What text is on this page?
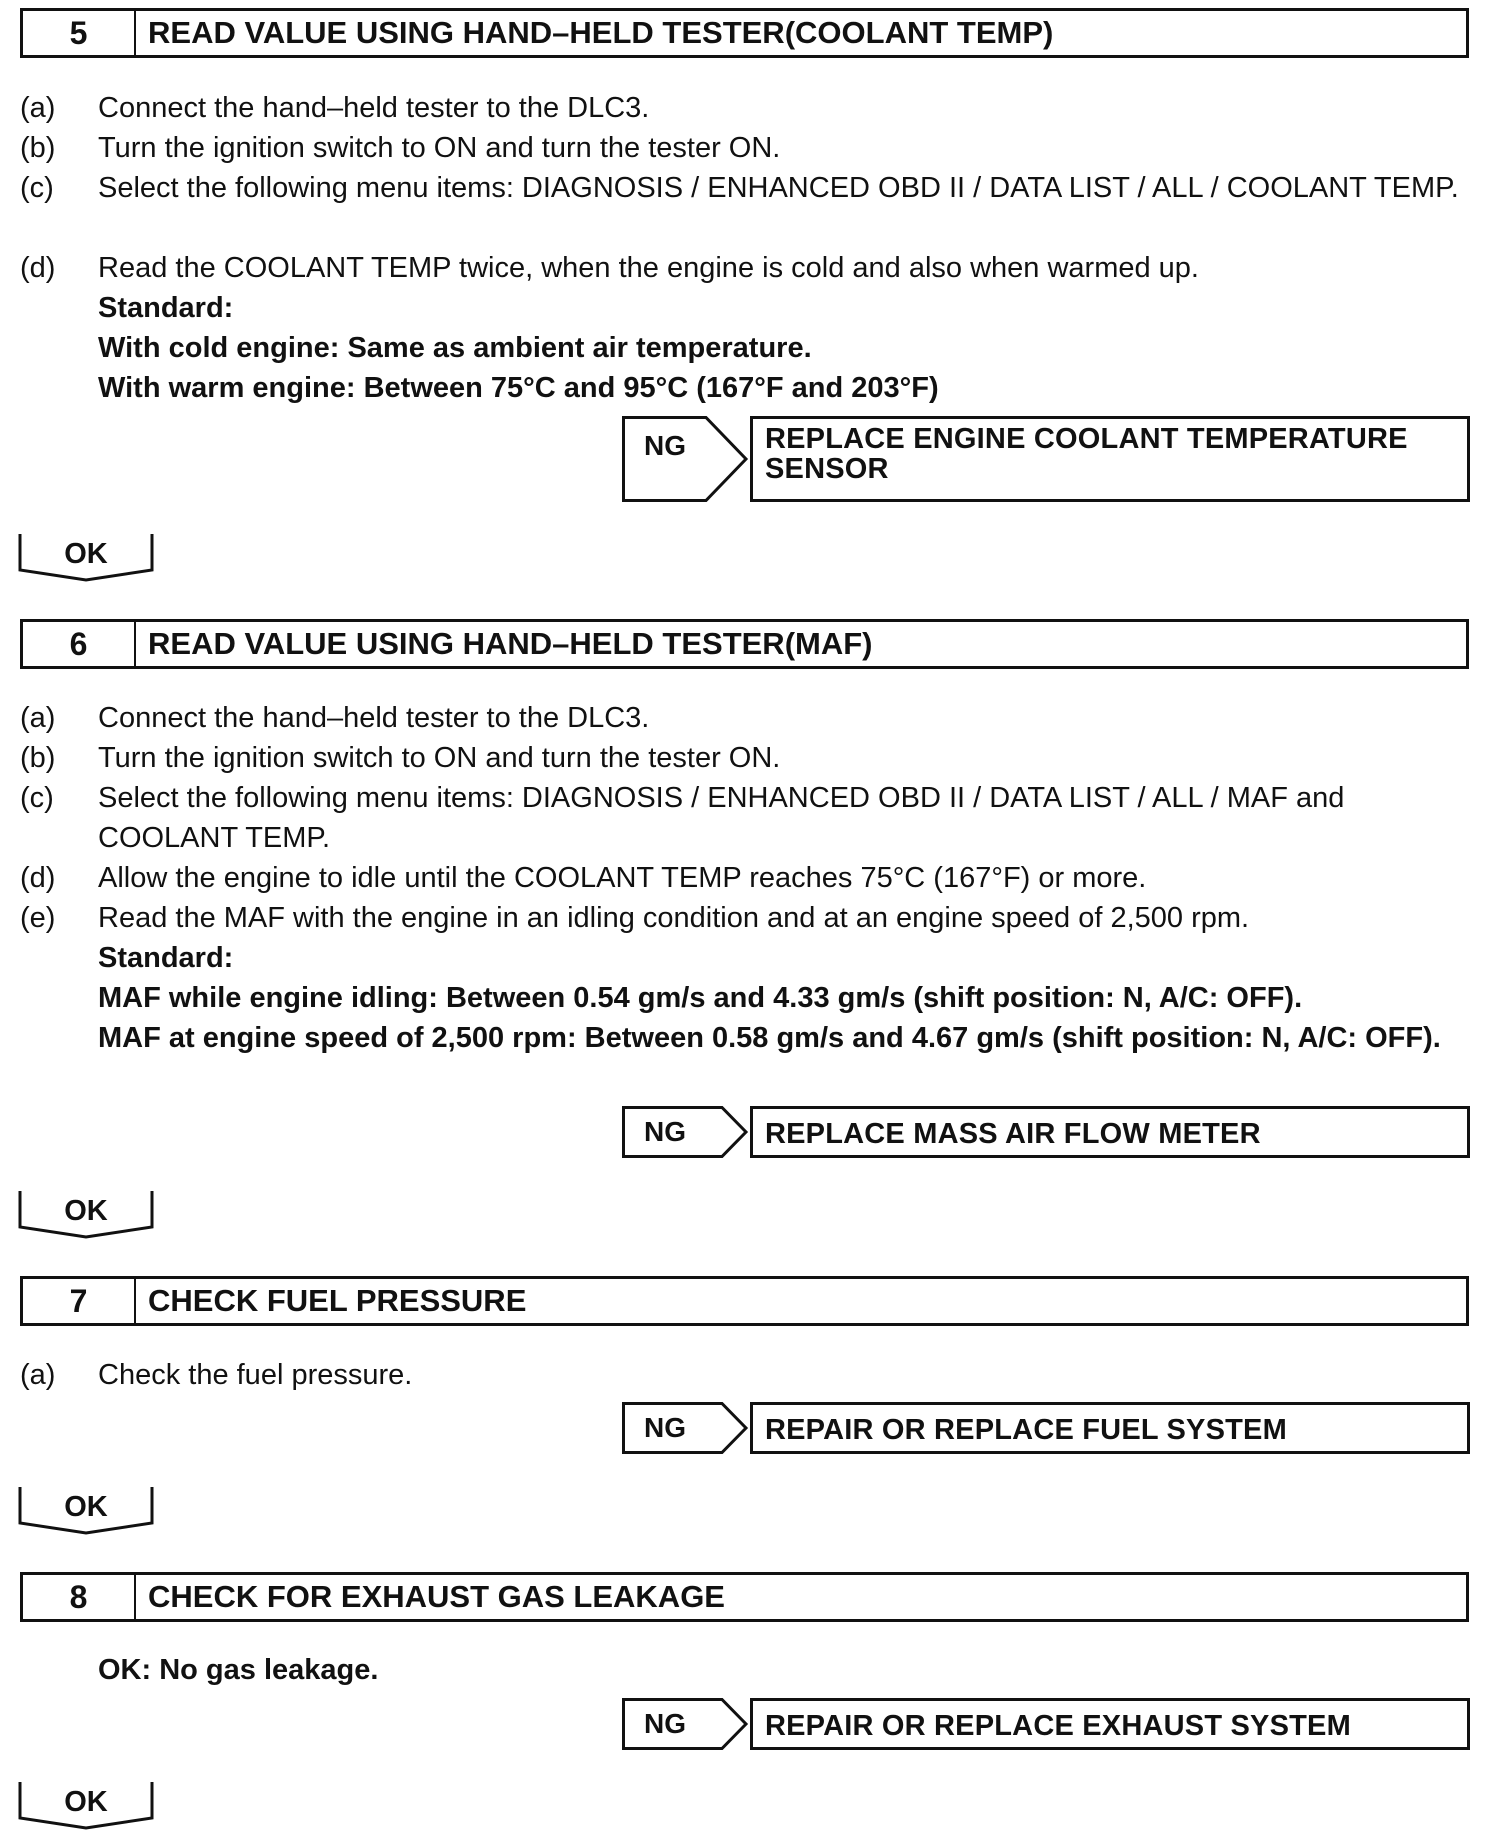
5	READ VALUE USING HAND–HELD TESTER(COOLANT TEMP)
(a) Connect the hand–held tester to the DLC3.
(b) Turn the ignition switch to ON and turn the tester ON.
(c) Select the following menu items: DIAGNOSIS / ENHANCED OBD II / DATA LIST / ALL / COOLANT TEMP.
(d) Read the COOLANT TEMP twice, when the engine is cold and also when warmed up.
Standard:
With cold engine: Same as ambient air temperature.
With warm engine: Between 75°C and 95°C (167°F and 203°F)
NG	REPLACE ENGINE COOLANT TEMPERATURE SENSOR
OK
6	READ VALUE USING HAND–HELD TESTER(MAF)
(a) Connect the hand–held tester to the DLC3.
(b) Turn the ignition switch to ON and turn the tester ON.
(c) Select the following menu items: DIAGNOSIS / ENHANCED OBD II / DATA LIST / ALL / MAF and COOLANT TEMP.
(d) Allow the engine to idle until the COOLANT TEMP reaches 75°C (167°F) or more.
(e) Read the MAF with the engine in an idling condition and at an engine speed of 2,500 rpm.
Standard:
MAF while engine idling: Between 0.54 gm/s and 4.33 gm/s (shift position: N, A/C: OFF).
MAF at engine speed of 2,500 rpm: Between 0.58 gm/s and 4.67 gm/s (shift position: N, A/C: OFF).
NG	REPLACE MASS AIR FLOW METER
OK
7	CHECK FUEL PRESSURE
(a) Check the fuel pressure.
NG	REPAIR OR REPLACE FUEL SYSTEM
OK
8	CHECK FOR EXHAUST GAS LEAKAGE
OK: No gas leakage.
NG	REPAIR OR REPLACE EXHAUST SYSTEM
OK
